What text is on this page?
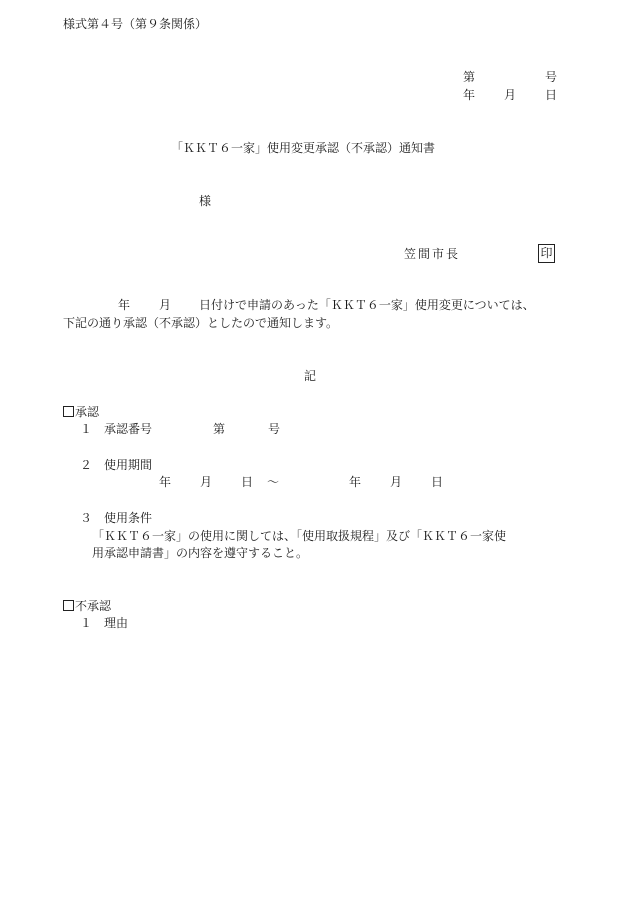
様式第４号（第９条関係）
第	号
年 月 日
「ＫＫＴ６一家」使用変更承認（不承認）通知書
様
笠間市長	印
年 月 日付けで申請のあった「ＫＫＴ６一家」使用変更については、
下記の通り承認（不承認）としたので通知します。
記
承認
１ 承認番号	第	号
２ 使用期間
年 月 日 ～	年 月 日
３ 使用条件
「ＫＫＴ６一家」の使用に関しては、「使用取扱規程」及び「ＫＫＴ６一家使
用承認申請書」の内容を遵守すること。
不承認
１ 理由
